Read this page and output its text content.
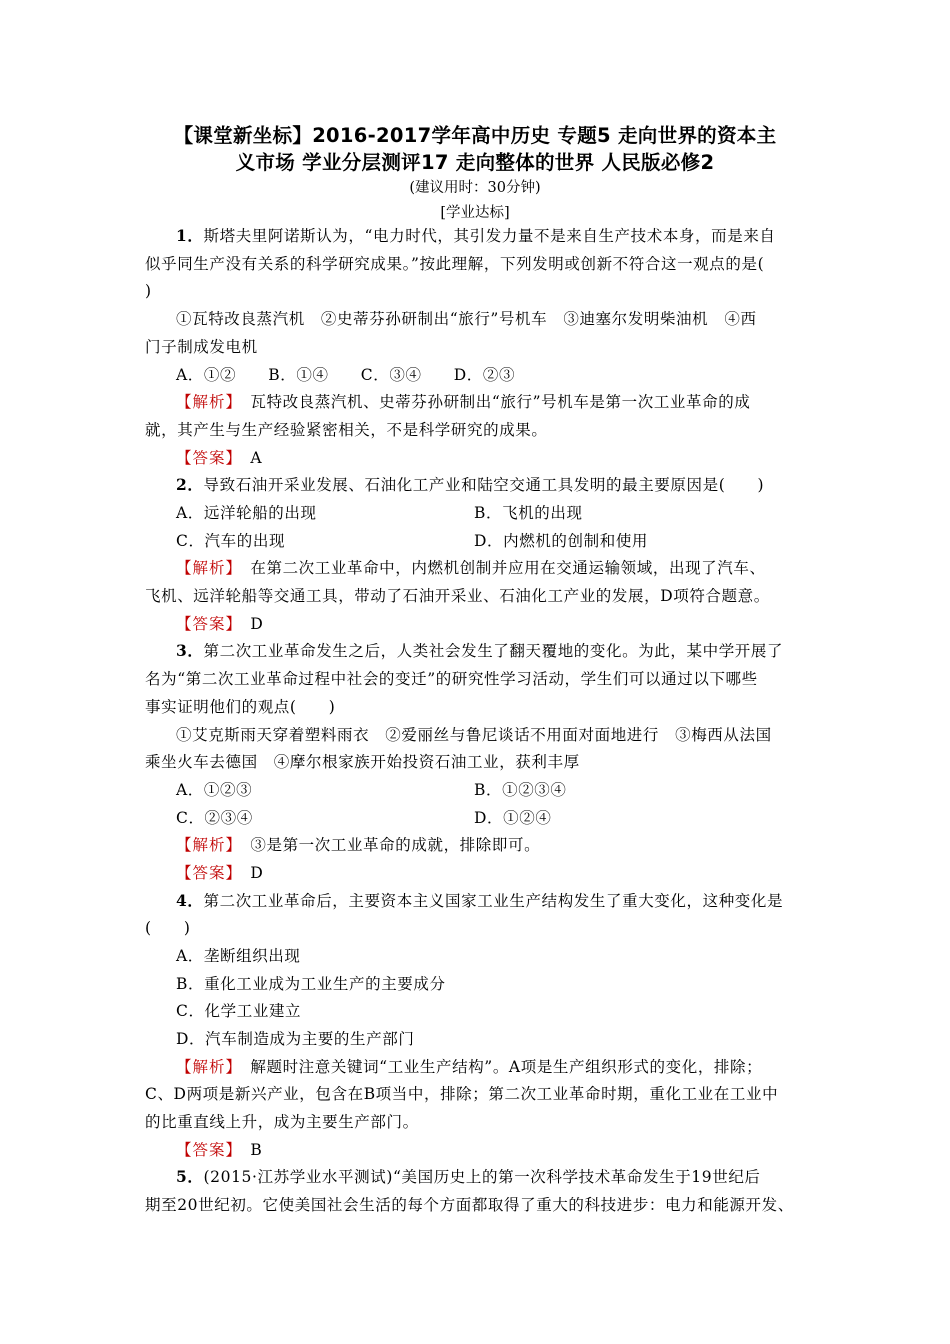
【课堂新坐标】2016-2017学年高中历史 专题5 走向世界的资本主
义市场 学业分层测评17 走向整体的世界 人民版必修2
(建议用时：30分钟)
[学业达标]
1．斯塔夫里阿诺斯认为，“电力时代，其引发力量不是来自生产技术本身，而是来自
似乎同生产没有关系的科学研究成果。”按此理解，下列发明或创新不符合这一观点的是(
)
①瓦特改良蒸汽机　②史蒂芬孙研制出“旅行”号机车　③迪塞尔发明柴油机　④西
门子制成发电机
A．①②　　B．①④　　C．③④　　D．②③
【解析】　 瓦特改良蒸汽机、史蒂芬孙研制出“旅行”号机车是第一次工业革命的成
就，其产生与生产经验紧密相关，不是科学研究的成果。
【答案】　 A
2．导致石油开采业发展、石油化工产业和陆空交通工具发明的最主要原因是(　　)
A．远洋轮船的出现	B．飞机的出现
C．汽车的出现	D．内燃机的创制和使用
【解析】　 在第二次工业革命中，内燃机创制并应用在交通运输领域，出现了汽车、
飞机、远洋轮船等交通工具，带动了石油开采业、石油化工产业的发展，D项符合题意。
【答案】　 D
3．第二次工业革命发生之后，人类社会发生了翻天覆地的变化。为此，某中学开展了
名为“第二次工业革命过程中社会的变迁”的研究性学习活动，学生们可以通过以下哪些
事实证明他们的观点(　　)
①艾克斯雨天穿着塑料雨衣　②爱丽丝与鲁尼谈话不用面对面地进行　③梅西从法国
乘坐火车去德国　④摩尔根家族开始投资石油工业，获利丰厚
A．①②③	B．①②③④
C．②③④	D．①②④
【解析】　 ③是第一次工业革命的成就，排除即可。
【答案】　 D
4．第二次工业革命后，主要资本主义国家工业生产结构发生了重大变化，这种变化是
(　　)
A．垄断组织出现
B．重化工业成为工业生产的主要成分
C．化学工业建立
D．汽车制造成为主要的生产部门
【解析】　 解题时注意关键词“工业生产结构”。A项是生产组织形式的变化，排除；
C、D两项是新兴产业，包含在B项当中，排除；第二次工业革命时期，重化工业在工业中
的比重直线上升，成为主要生产部门。
【答案】　 B
5．(2015·江苏学业水平测试)“美国历史上的第一次科学技术革命发生于19世纪后
期至20世纪初。它使美国社会生活的每个方面都取得了重大的科技进步：电力和能源开发、
